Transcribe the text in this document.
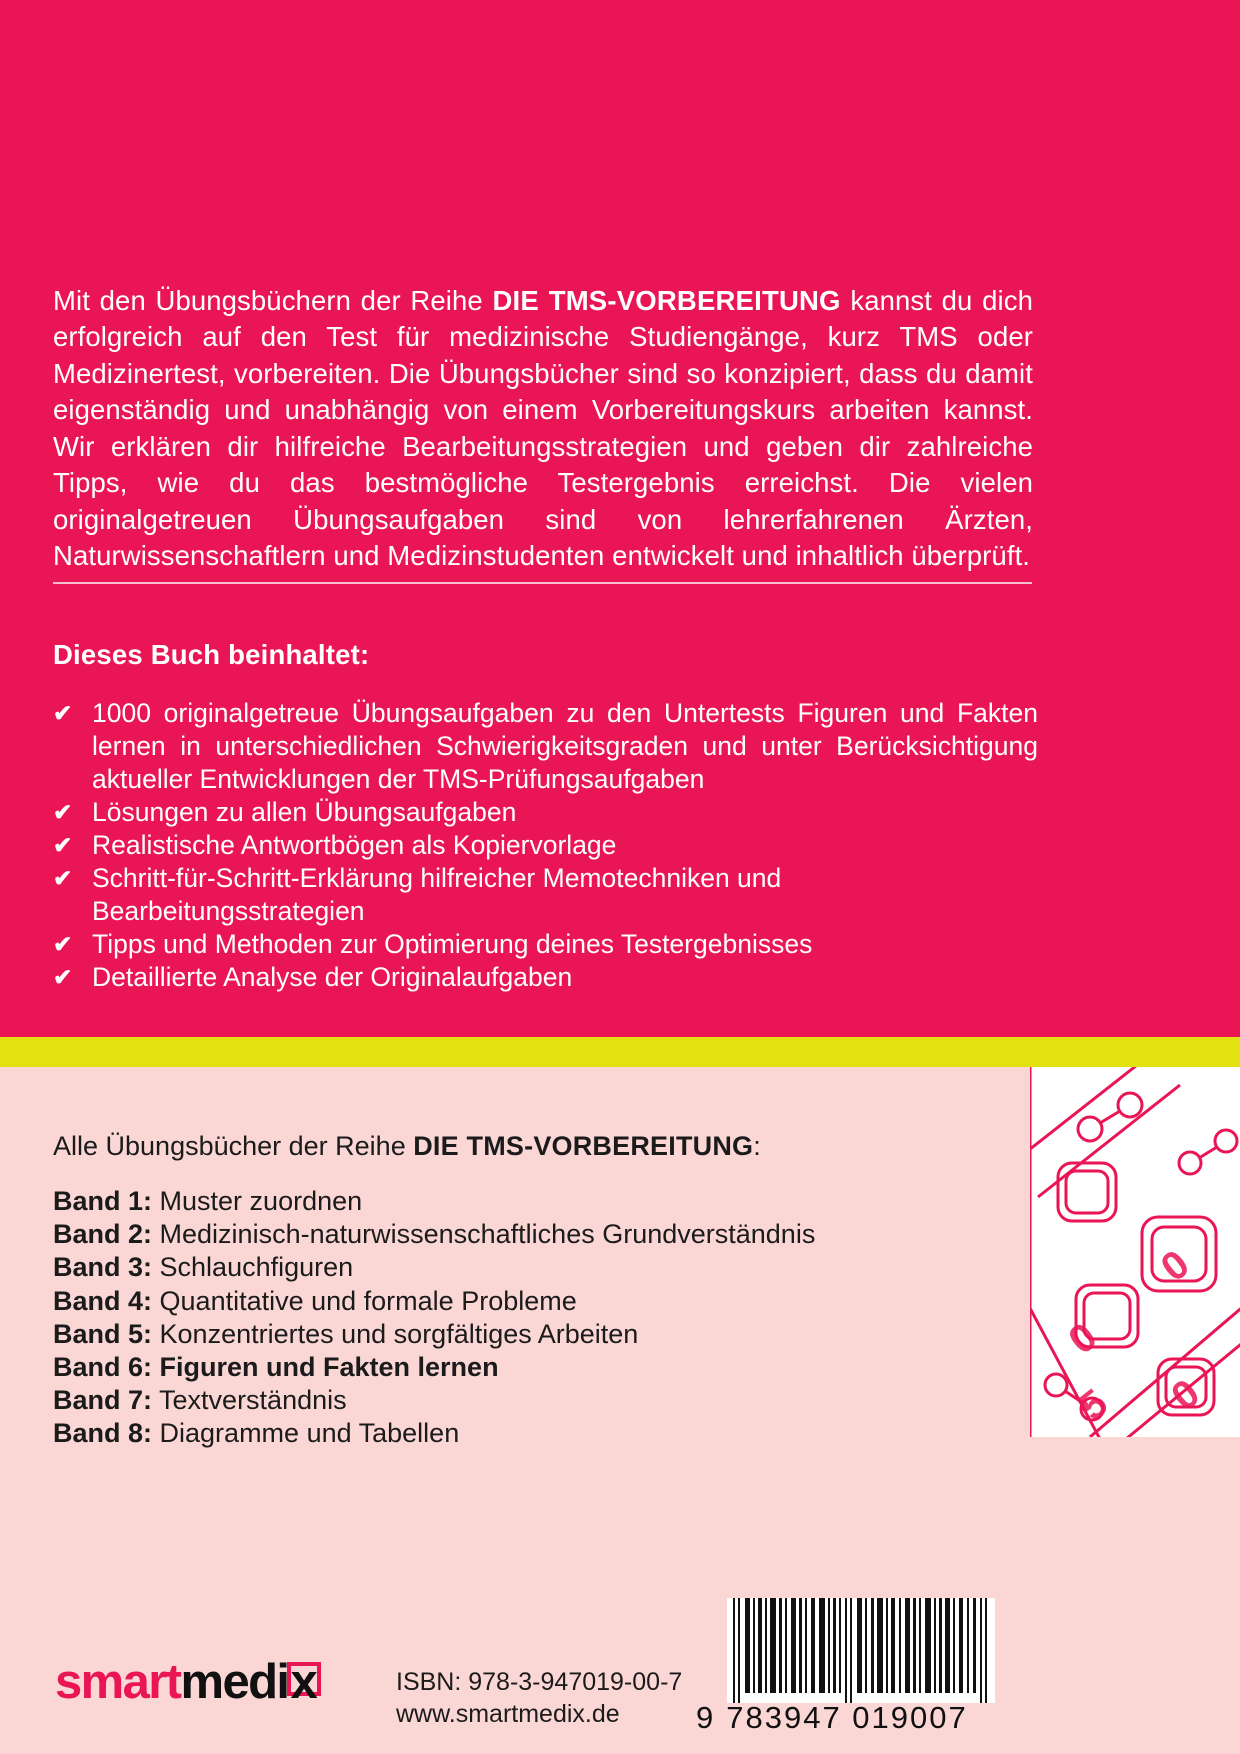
Mit den Übungsbüchern der Reihe DIE TMS-VORBEREITUNG kannst du dich erfolgreich auf den Test für medizinische Studiengänge, kurz TMS oder Medizinertest, vorbereiten. Die Übungsbücher sind so konzipiert, dass du damit eigenständig und unabhängig von einem Vorbereitungskurs arbeiten kannst. Wir erklären dir hilfreiche Bearbeitungsstrategien und geben dir zahlreiche Tipps, wie du das bestmögliche Testergebnis erreichst. Die vielen originalgetreuen Übungsaufgaben sind von lehrerfahrenen Ärzten, Naturwissenschaftlern und Medizinstudenten entwickelt und inhaltlich überprüft.

Dieses Buch beinhaltet:
✔ 1000 originalgetreue Übungsaufgaben zu den Untertests Figuren und Fakten lernen in unterschiedlichen Schwierigkeitsgraden und unter Berücksichtigung aktueller Entwicklungen der TMS-Prüfungsaufgaben
✔ Lösungen zu allen Übungsaufgaben
✔ Realistische Antwortbögen als Kopiervorlage
✔ Schritt-für-Schritt-Erklärung hilfreicher Memotechniken und Bearbeitungsstrategien
✔ Tipps und Methoden zur Optimierung deines Testergebnisses
✔ Detaillierte Analyse der Originalaufgaben
0
0
5 0
Alle Übungsbücher der Reihe DIE TMS-VORBEREITUNG:
Band 1: Muster zuordnen
Band 2: Medizinisch-naturwissenschaftliches Grundverständnis
Band 3: Schlauchfiguren
Band 4: Quantitative und formale Probleme
Band 5: Konzentriertes und sorgfältiges Arbeiten
Band 6: Figuren und Fakten lernen
Band 7: Textverständnis
Band 8: Diagramme und Tabellen
smartmedi
x	ISBN: 978-3-947019-00-7
www.smartmedix.de	9 783947 019007
